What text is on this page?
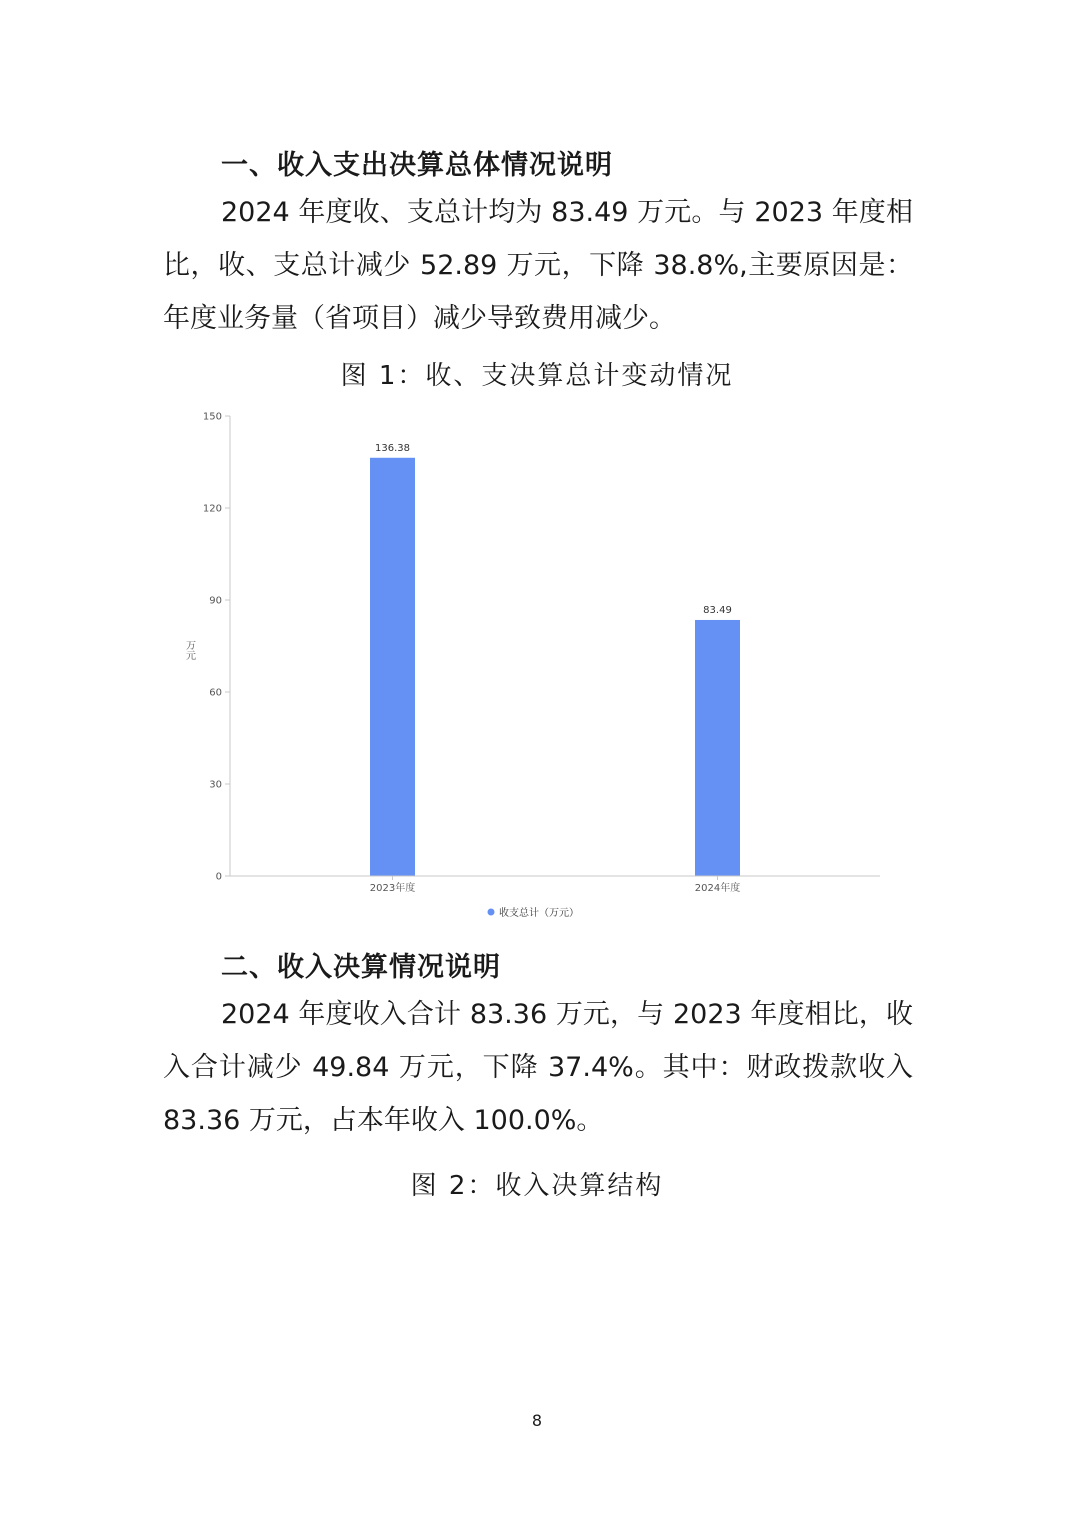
一、收入支出决算总体情况说明

2024 年度收、支总计均为 83.49 万元。与 2023 年度相比，收、支总计减少 52.89 万元，下降 38.8%,主要原因是：年度业务量（省项目）减少导致费用减少。

图 1：收、支决算总计变动情况
0
30
60
90
120
150
136.38
83.49
2023年度	2024年度
万元
收支总计（万元）
二、收入决算情况说明

2024 年度收入合计 83.36 万元，与 2023 年度相比，收入合计减少 49.84 万元，下降 37.4%。其中：财政拨款收入 83.36 万元，占本年收入 100.0%。

图 2：收入决算结构
8
